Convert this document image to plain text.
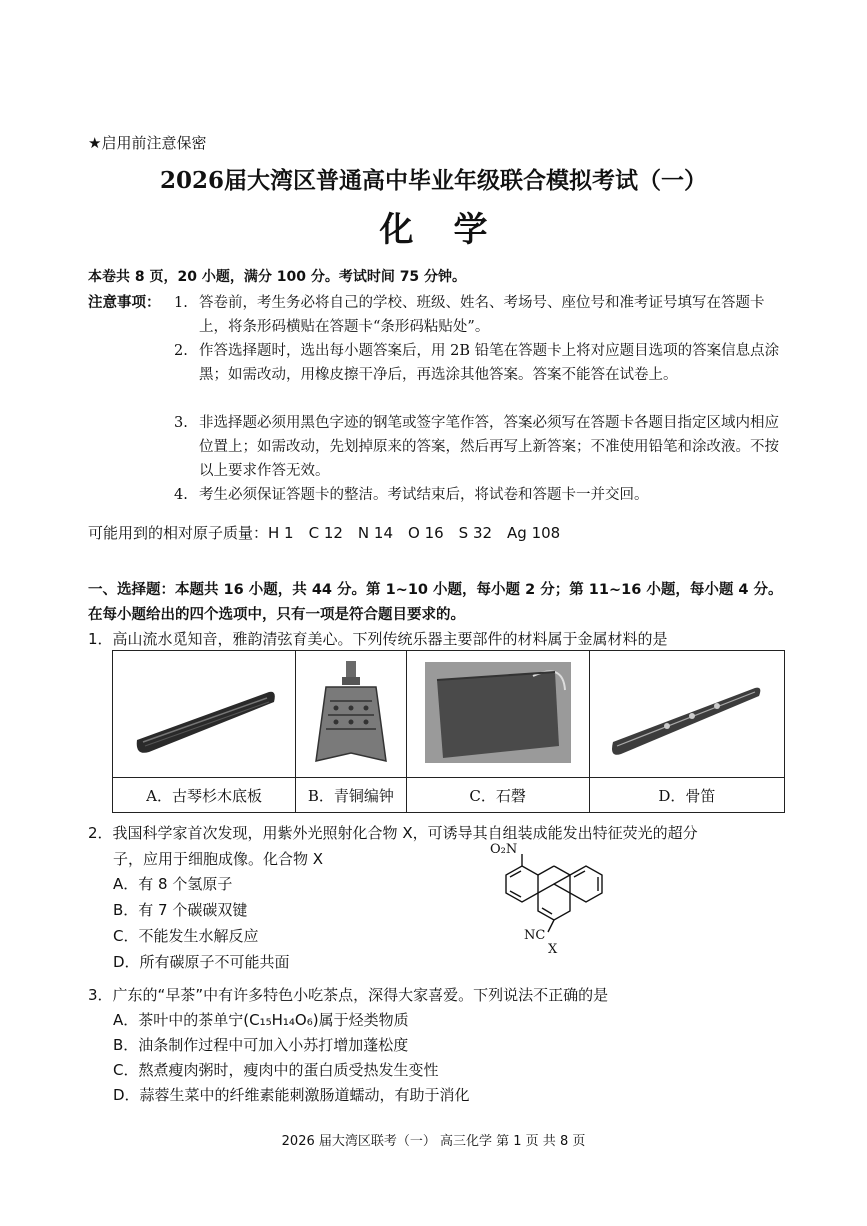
★启用前注意保密
2026届大湾区普通高中毕业年级联合模拟考试（一）
化学
本卷共 8 页，20 小题，满分 100 分。考试时间 75 分钟。
注意事项： 1. 答卷前，考生务必将自己的学校、班级、姓名、考场号、座位号和准考证号填写在答题卡上，将条形码横贴在答题卡“条形码粘贴处”。
2. 作答选择题时，选出每小题答案后，用 2B 铅笔在答题卡上将对应题目选项的答案信息点涂黑；如需改动，用橡皮擦干净后，再选涂其他答案。答案不能答在试卷上。
3. 非选择题必须用黑色字迹的钢笔或签字笔作答，答案必须写在答题卡各题目指定区域内相应位置上；如需改动，先划掉原来的答案，然后再写上新答案；不准使用铅笔和涂改液。不按以上要求作答无效。
4. 考生必须保证答题卡的整洁。考试结束后，将试卷和答题卡一并交回。
可能用到的相对原子质量：H 1　C 12　N 14　O 16　S 32　Ag 108
一、选择题：本题共 16 小题，共 44 分。第 1~10 小题，每小题 2 分；第 11~16 小题，每小题 4 分。在每小题给出的四个选项中，只有一项是符合题目要求的。
1．高山流水觅知音，雅韵清弦育美心。下列传统乐器主要部件的材料属于金属材料的是

A．古琴杉木底板	B．青铜编钟	C．石磬	D．骨笛
2．我国科学家首次发现，用紫外光照射化合物 X，可诱导其自组装成能发出特征荧光的超分
子，应用于细胞成像。化合物 X
A．有 8 个氢原子
B．有 7 个碳碳双键
C．不能发生水解反应
D．所有碳原子不可能共面
O₂N
NC
X
3．广东的“早茶”中有许多特色小吃茶点，深得大家喜爱。下列说法不正确的是
A．茶叶中的茶单宁(C₁₅H₁₄O₆)属于烃类物质
B．油条制作过程中可加入小苏打增加蓬松度
C．熬煮瘦肉粥时，瘦肉中的蛋白质受热发生变性
D．蒜蓉生菜中的纤维素能刺激肠道蠕动，有助于消化
2026 届大湾区联考（一） 高三化学 第 1 页 共 8 页
